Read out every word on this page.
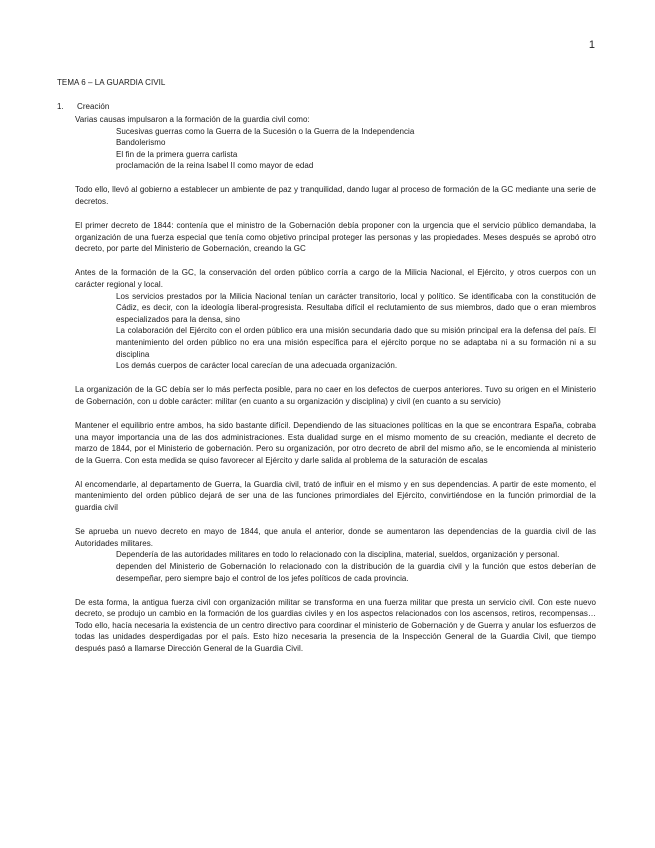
1
TEMA 6 – LA GUARDIA CIVIL
1. Creación

Varias causas impulsaron a la formación de la guardia civil como:

Sucesivas guerras como la Guerra de la Sucesión o la Guerra de la Independencia
Bandolerismo
El fin de la primera guerra carlista
proclamación de la reina Isabel II como mayor de edad

Todo ello, llevó al gobierno a establecer un ambiente de paz y tranquilidad, dando lugar al proceso de formación de la GC mediante una serie de decretos.

El primer decreto de 1844: contenía que el ministro de la Gobernación debía proponer con la urgencia que el servicio público demandaba, la organización de una fuerza especial que tenía como objetivo principal proteger las personas y las propiedades. Meses después se aprobó otro decreto, por parte del Ministerio de Gobernación, creando la GC

Antes de la formación de la GC, la conservación del orden público corría a cargo de la Milicia Nacional, el Ejército, y otros cuerpos con un carácter regional y local.

Los servicios prestados por la Milicia Nacional tenían un carácter transitorio, local y político. Se identificaba con la constitución de Cádiz, es decir, con la ideología liberal-progresista. Resultaba difícil el reclutamiento de sus miembros, dado que o eran miembros especializados para la densa, sino

La colaboración del Ejército con el orden público era una misión secundaria dado que su misión principal era la defensa del país. El mantenimiento del orden público no era una misión específica para el ejército porque no se adaptaba ni a su formación ni a su disciplina

Los demás cuerpos de carácter local carecían de una adecuada organización.

La organización de la GC debía ser lo más perfecta posible, para no caer en los defectos de cuerpos anteriores. Tuvo su origen en el Ministerio de Gobernación, con u doble carácter: militar (en cuanto a su organización y disciplina) y civil (en cuanto a su servicio)

Mantener el equilibrio entre ambos, ha sido bastante difícil. Dependiendo de las situaciones políticas en la que se encontrara España, cobraba una mayor importancia una de las dos administraciones. Esta dualidad surge en el mismo momento de su creación, mediante el decreto de marzo de 1844, por el Ministerio de gobernación. Pero su organización, por otro decreto de abril del mismo año, se le encomienda al ministerio de la Guerra. Con esta medida se quiso favorecer al Ejército y darle salida al problema de la saturación de escalas

Al encomendarle, al departamento de Guerra, la Guardia civil, trató de influir en el mismo y en sus dependencias. A partir de este momento, el mantenimiento del orden público dejará de ser una de las funciones primordiales del Ejército, convirtiéndose en la función primordial de la guardia civil

Se aprueba un nuevo decreto en mayo de 1844, que anula el anterior, donde se aumentaron las dependencias de la guardia civil de las Autoridades militares.

Dependería de las autoridades militares en todo lo relacionado con la disciplina, material, sueldos, organización y personal.

dependen del Ministerio de Gobernación lo relacionado con la distribución de la guardia civil y la función que estos deberían de desempeñar, pero siempre bajo el control de los jefes políticos de cada provincia.

De esta forma, la antigua fuerza civil con organización militar se transforma en una fuerza militar que presta un servicio civil. Con este nuevo decreto, se produjo un cambio en la formación de los guardias civiles y en los aspectos relacionados con los ascensos, retiros, recompensas… Todo ello, hacía necesaria la existencia de un centro directivo para coordinar el ministerio de Gobernación y de Guerra y anular los esfuerzos de todas las unidades desperdigadas por el país. Esto hizo necesaria la presencia de la Inspección General de la Guardia Civil, que tiempo después pasó a llamarse Dirección General de la Guardia Civil.
